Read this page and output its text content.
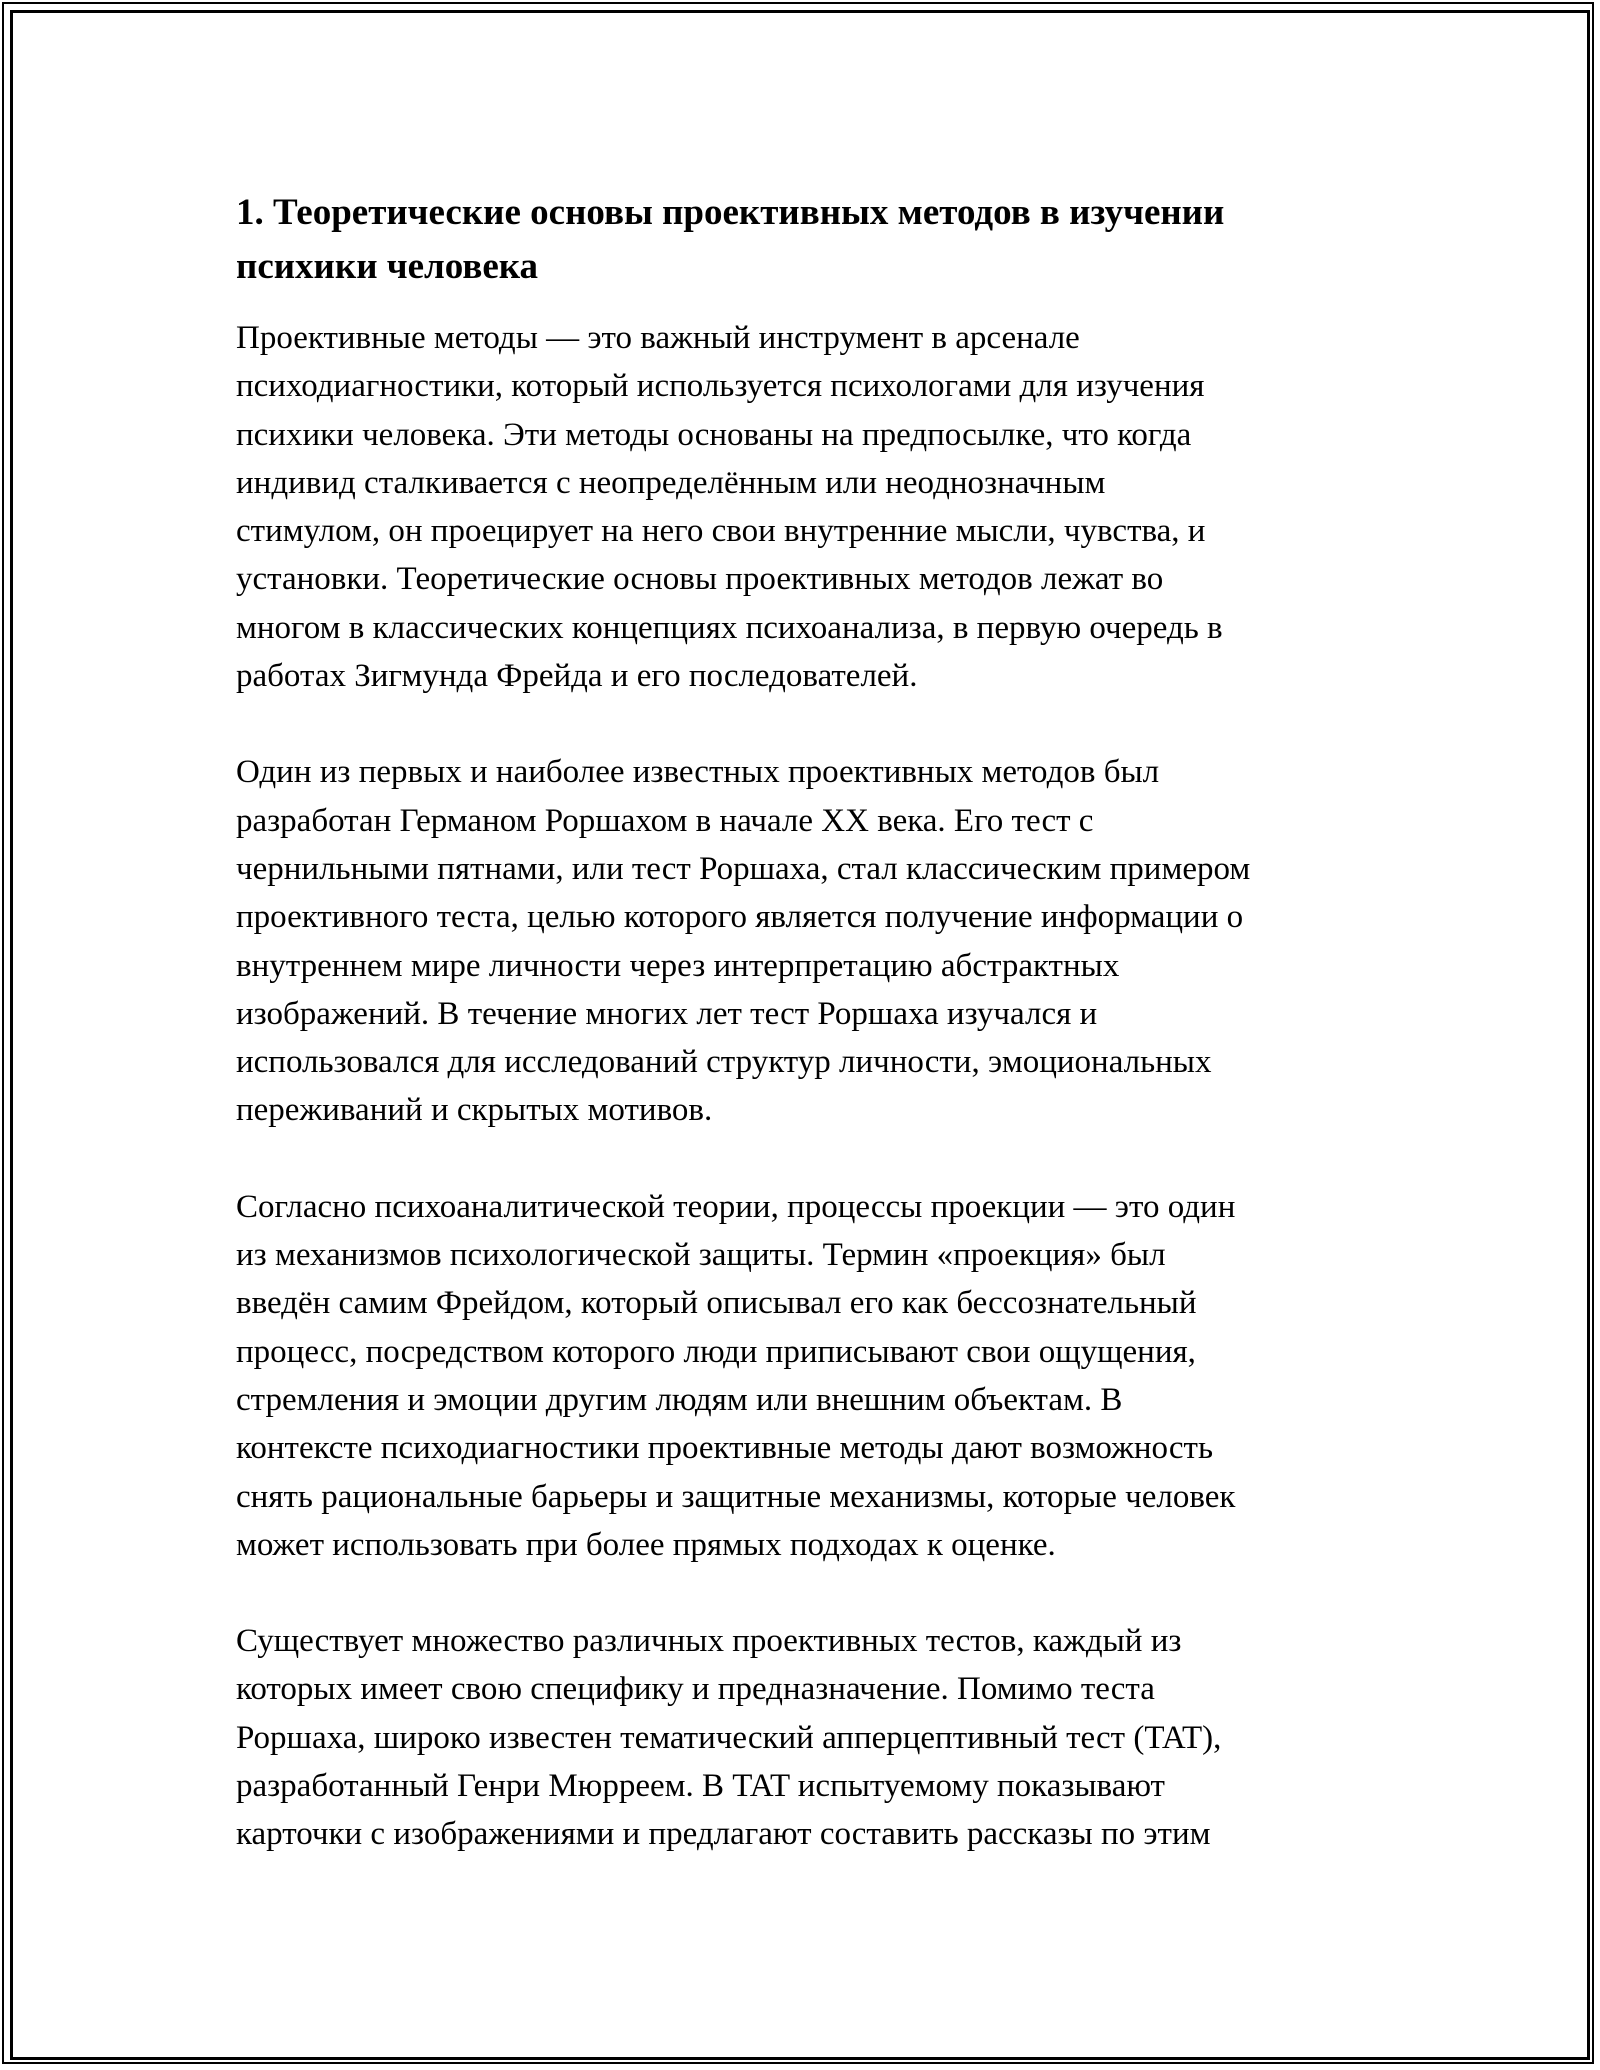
1. Теоретические основы проективных методов в изучении
психики человека

Проективные методы — это важный инструмент в арсенале
психодиагностики, который используется психологами для изучения
психики человека. Эти методы основаны на предпосылке, что когда
индивид сталкивается с неопределённым или неоднозначным
стимулом, он проецирует на него свои внутренние мысли, чувства, и
установки. Теоретические основы проективных методов лежат во
многом в классических концепциях психоанализа, в первую очередь в
работах Зигмунда Фрейда и его последователей.

Один из первых и наиболее известных проективных методов был
разработан Германом Роршахом в начале XX века. Его тест с
чернильными пятнами, или тест Роршаха, стал классическим примером
проективного теста, целью которого является получение информации о
внутреннем мире личности через интерпретацию абстрактных
изображений. В течение многих лет тест Роршаха изучался и
использовался для исследований структур личности, эмоциональных
переживаний и скрытых мотивов.

Согласно психоаналитической теории, процессы проекции — это один
из механизмов психологической защиты. Термин «проекция» был
введён самим Фрейдом, который описывал его как бессознательный
процесс, посредством которого люди приписывают свои ощущения,
стремления и эмоции другим людям или внешним объектам. В
контексте психодиагностики проективные методы дают возможность
снять рациональные барьеры и защитные механизмы, которые человек
может использовать при более прямых подходах к оценке.

Существует множество различных проективных тестов, каждый из
которых имеет свою специфику и предназначение. Помимо теста
Роршаха, широко известен тематический апперцептивный тест (TAT),
разработанный Генри Мюрреем. В TAT испытуемому показывают
карточки с изображениями и предлагают составить рассказы по этим
